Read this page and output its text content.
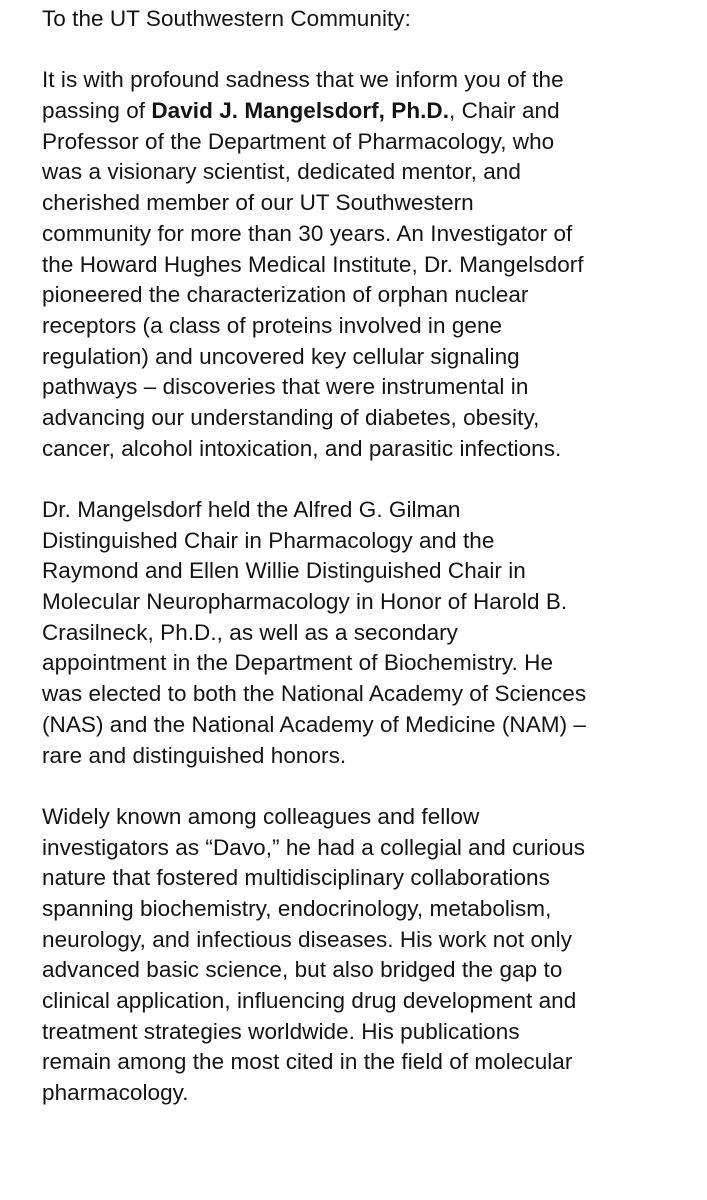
To the UT Southwestern Community:
It is with profound sadness that we inform you of the
passing of David J. Mangelsdorf, Ph.D., Chair and
Professor of the Department of Pharmacology, who
was a visionary scientist, dedicated mentor, and
cherished member of our UT Southwestern
community for more than 30 years. An Investigator of
the Howard Hughes Medical Institute, Dr. Mangelsdorf
pioneered the characterization of orphan nuclear
receptors (a class of proteins involved in gene
regulation) and uncovered key cellular signaling
pathways – discoveries that were instrumental in
advancing our understanding of diabetes, obesity,
cancer, alcohol intoxication, and parasitic infections.
Dr. Mangelsdorf held the Alfred G. Gilman
Distinguished Chair in Pharmacology and the
Raymond and Ellen Willie Distinguished Chair in
Molecular Neuropharmacology in Honor of Harold B.
Crasilneck, Ph.D., as well as a secondary
appointment in the Department of Biochemistry. He
was elected to both the National Academy of Sciences
(NAS) and the National Academy of Medicine (NAM) –
rare and distinguished honors.
Widely known among colleagues and fellow
investigators as “Davo,” he had a collegial and curious
nature that fostered multidisciplinary collaborations
spanning biochemistry, endocrinology, metabolism,
neurology, and infectious diseases. His work not only
advanced basic science, but also bridged the gap to
clinical application, influencing drug development and
treatment strategies worldwide. His publications
remain among the most cited in the field of molecular
pharmacology.
